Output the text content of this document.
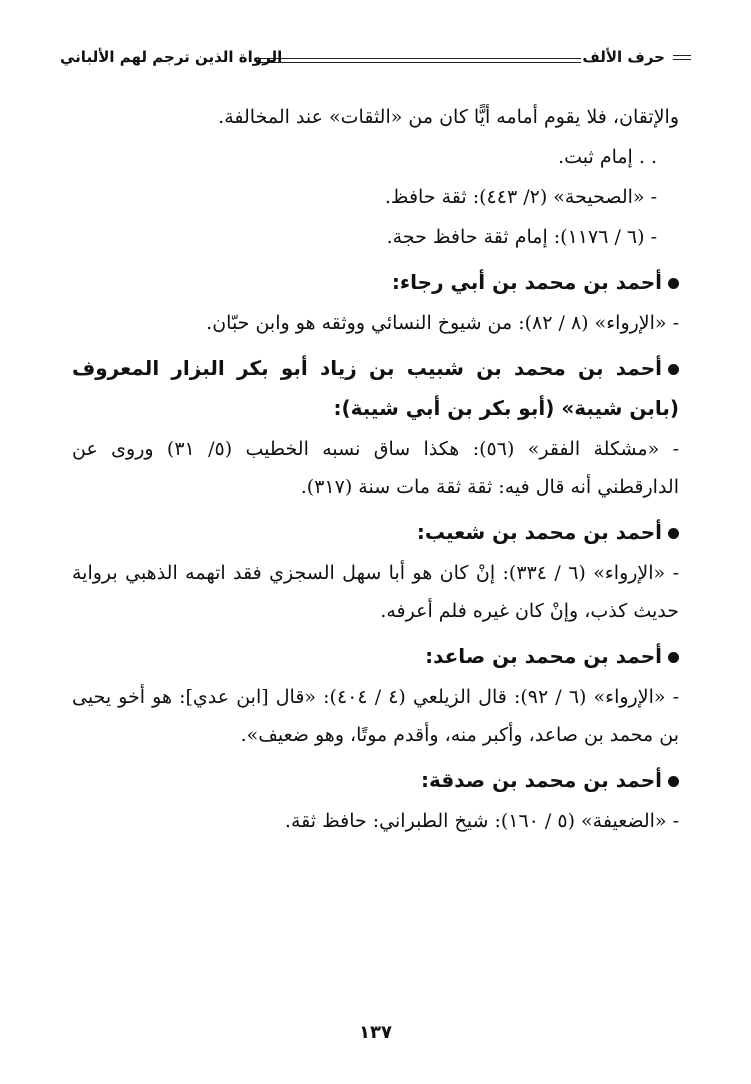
حرف الألف
الرواة الذين ترجم لهم الألباني

والإتقان، فلا يقوم أمامه أيًّا كان من «الثقات» عند المخالفة.

. . إمام ثبت.

- «الصحيحة» (٢/ ٤٤٣): ثقة حافظ.

- (٦ / ١١٧٦): إمام ثقة حافظ حجة.

أحمد بن محمد بن أبي رجاء:

- «الإرواء» (٨ / ٨٢): من شيوخ النسائي ووثقه هو وابن حبّان.

أحمد بن محمد بن شبيب بن زياد أبو بكر البزار المعروف (بابن شيبة» (أبو بكر بن أبي شيبة):

- «مشكلة الفقر» (٥٦): هكذا ساق نسبه الخطيب (٥/ ٣١) وروى عن الدارقطني أنه قال فيه: ثقة ثقة مات سنة (٣١٧).

أحمد بن محمد بن شعيب:

- «الإرواء» (٦ / ٣٣٤): إنْ كان هو أبا سهل السجزي فقد اتهمه الذهبي برواية حديث كذب، وإنْ كان غيره فلم أعرفه.

أحمد بن محمد بن صاعد:

- «الإرواء» (٦ / ٩٢): قال الزيلعي (٤ / ٤٠٤): «قال [ابن عدي]: هو أخو يحيى بن محمد بن صاعد، وأكبر منه، وأقدم موتًا، وهو ضعيف».

أحمد بن محمد بن صدقة:

- «الضعيفة» (٥ / ١٦٠): شيخ الطبراني: حافظ ثقة.

١٣٧
